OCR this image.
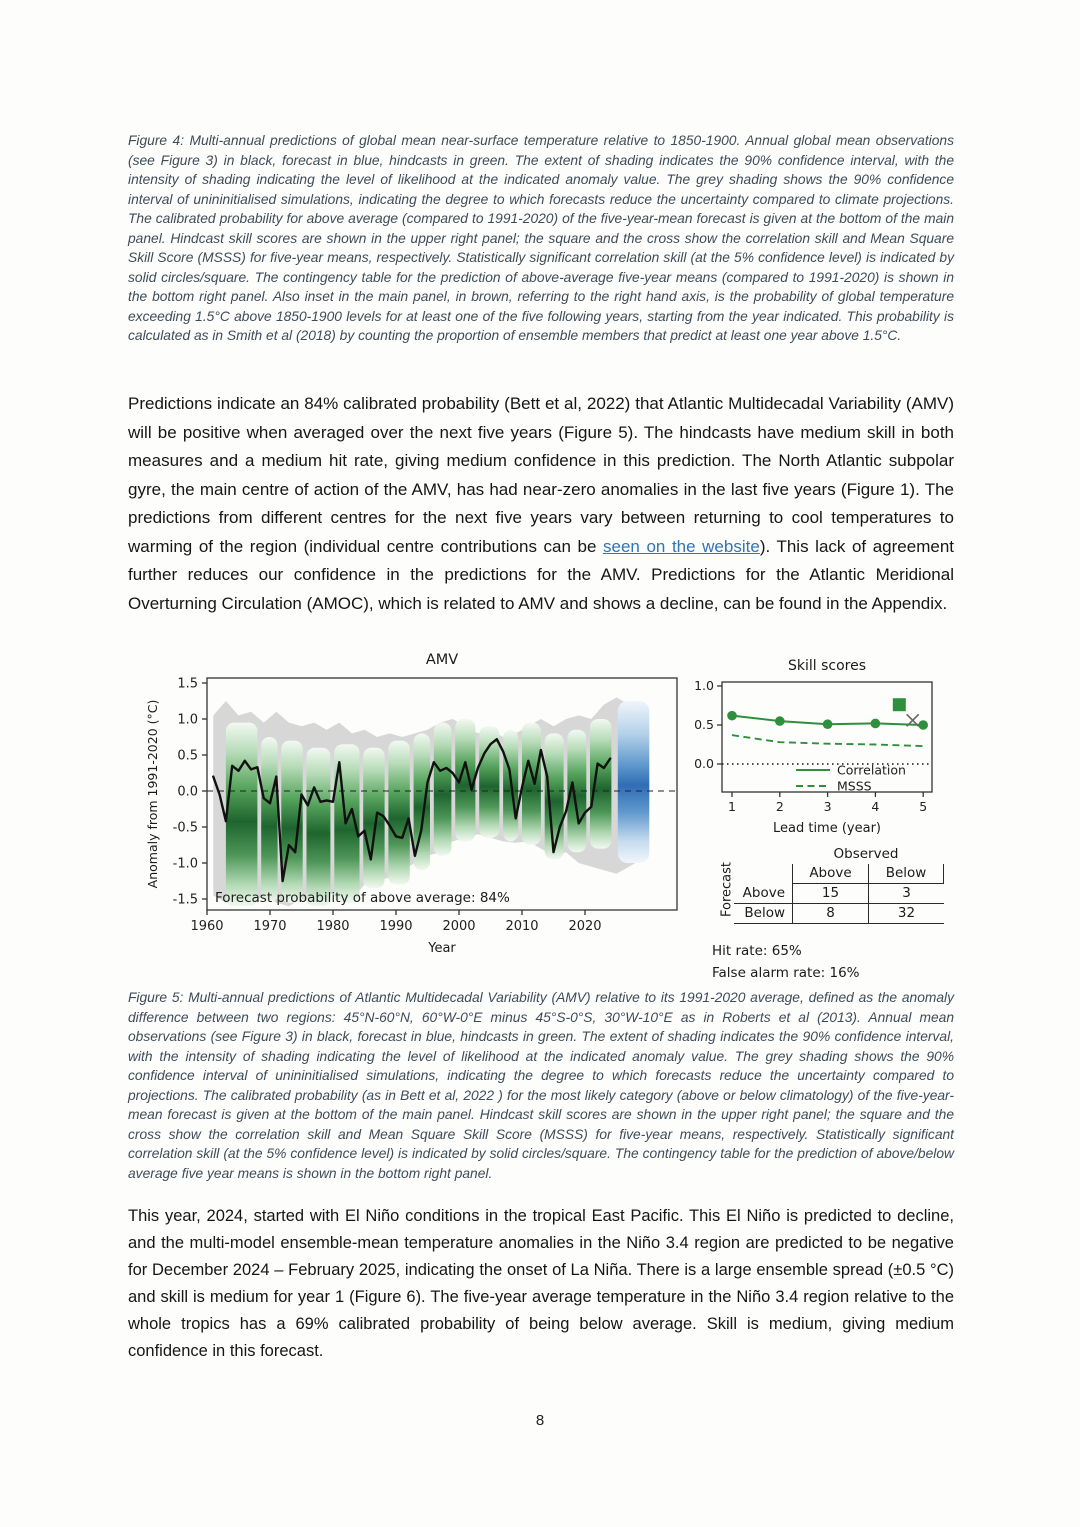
Figure 4: Multi-annual predictions of global mean near-surface temperature relative to 1850-1900. Annual global mean observations (see Figure 3) in black, forecast in blue, hindcasts in green. The extent of shading indicates the 90% confidence interval, with the intensity of shading indicating the level of likelihood at the indicated anomaly value. The grey shading shows the 90% confidence interval of unininitialised simulations, indicating the degree to which forecasts reduce the uncertainty compared to climate projections. The calibrated probability for above average (compared to 1991-2020) of the five-year-mean forecast is given at the bottom of the main panel. Hindcast skill scores are shown in the upper right panel; the square and the cross show the correlation skill and Mean Square Skill Score (MSSS) for five-year means, respectively. Statistically significant correlation skill (at the 5% confidence level) is indicated by solid circles/square. The contingency table for the prediction of above-average five-year means (compared to 1991-2020) is shown in the bottom right panel. Also inset in the main panel, in brown, referring to the right hand axis, is the probability of global temperature exceeding 1.5°C above 1850-1900 levels for at least one of the five following years, starting from the year indicated. This probability is calculated as in Smith et al (2018) by counting the proportion of ensemble members that predict at least one year above 1.5°C.
Predictions indicate an 84% calibrated probability (Bett et al, 2022) that Atlantic Multidecadal Variability (AMV) will be positive when averaged over the next five years (Figure 5). The hindcasts have medium skill in both measures and a medium hit rate, giving medium confidence in this prediction. The North Atlantic subpolar gyre, the main centre of action of the AMV, has had near-zero anomalies in the last five years (Figure 1). The predictions from different centres for the next five years vary between returning to cool temperatures to warming of the region (individual centre contributions can be seen on the website). This lack of agreement further reduces our confidence in the predictions for the AMV. Predictions for the Atlantic Meridional Overturning Circulation (AMOC), which is related to AMV and shows a decline, can be found in the Appendix.
-1.5
-1.0
-0.5
0.0
0.5
1.0
1.5
1960 1970 1980 1990 2000 2010 2020
Forecast probability of above average: 84%
AMV
Year
Anomaly from 1991-2020 (°C)	Correlation
MSSS
0.0
0.5
1.0
1	2	3	4	5
Skill scores
Lead time (year)
Observed
Forecast	Above	Below
Above	15	3
Below	8	32
Hit rate: 65%
False alarm rate: 16%
Figure 5: Multi-annual predictions of Atlantic Multidecadal Variability (AMV) relative to its 1991-2020 average, defined as the anomaly difference between two regions: 45°N-60°N, 60°W-0°E minus 45°S-0°S, 30°W-10°E as in Roberts et al (2013). Annual mean observations (see Figure 3) in black, forecast in blue, hindcasts in green. The extent of shading indicates the 90% confidence interval, with the intensity of shading indicating the level of likelihood at the indicated anomaly value. The grey shading shows the 90% confidence interval of unininitialised simulations, indicating the degree to which forecasts reduce the uncertainty compared to projections. The calibrated probability (as in Bett et al, 2022 ) for the most likely category (above or below climatology) of the five-year-mean forecast is given at the bottom of the main panel. Hindcast skill scores are shown in the upper right panel; the square and the cross show the correlation skill and Mean Square Skill Score (MSSS) for five-year means, respectively. Statistically significant correlation skill (at the 5% confidence level) is indicated by solid circles/square. The contingency table for the prediction of above/below average five year means is shown in the bottom right panel.
This year, 2024, started with El Niño conditions in the tropical East Pacific. This El Niño is predicted to decline, and the multi-model ensemble-mean temperature anomalies in the Niño 3.4 region are predicted to be negative for December 2024 – February 2025, indicating the onset of La Niña. There is a large ensemble spread (±0.5 °C) and skill is medium for year 1 (Figure 6). The five-year average temperature in the Niño 3.4 region relative to the whole tropics has a 69% calibrated probability of being below average. Skill is medium, giving medium confidence in this forecast.
8
